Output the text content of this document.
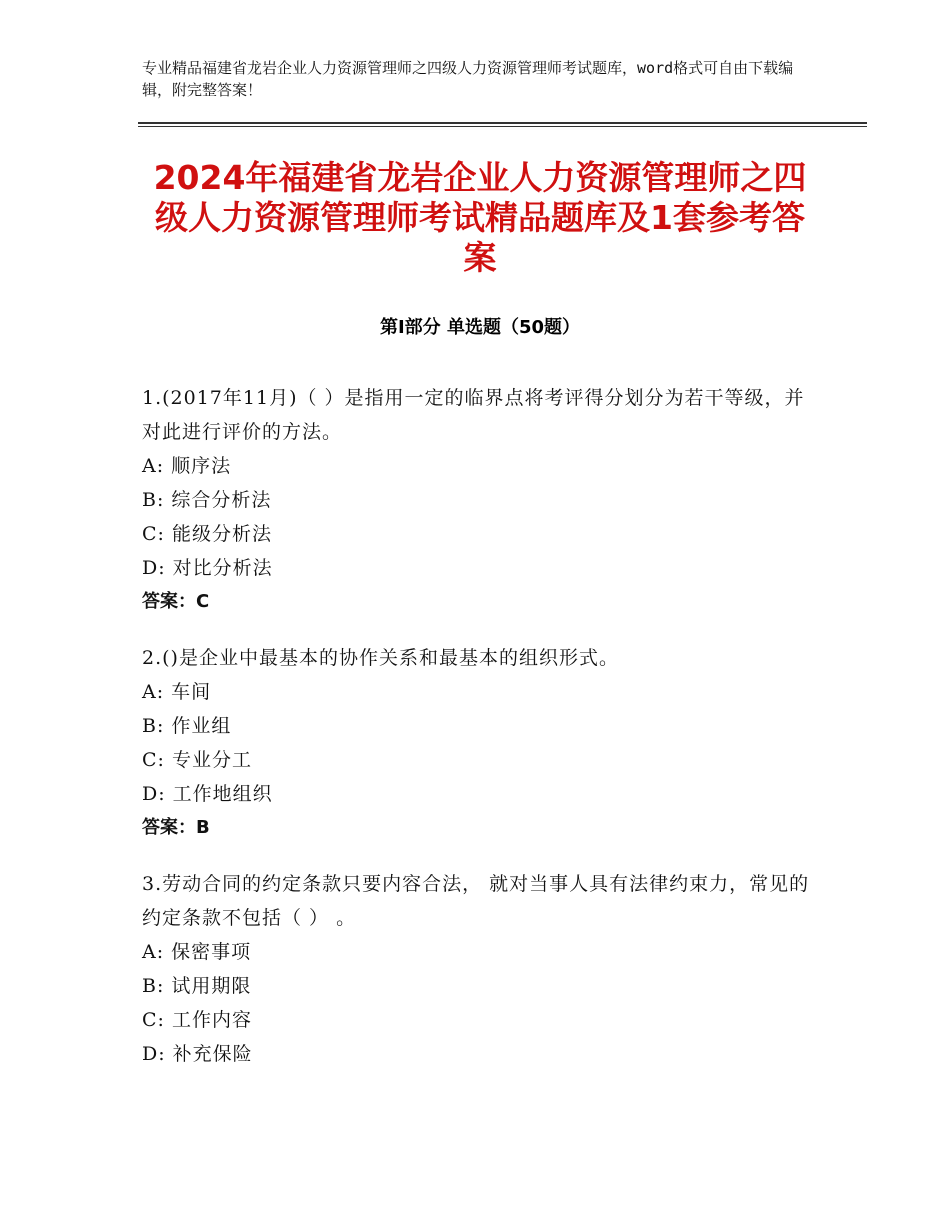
专业精品福建省龙岩企业人力资源管理师之四级人力资源管理师考试题库，word格式可自由下载编辑，附完整答案！
2024年福建省龙岩企业人力资源管理师之四级人力资源管理师考试精品题库及1套参考答案
第Ⅰ部分 单选题（50题）

1.(2017年11月)（ ）是指用一定的临界点将考评得分划分为若干等级，并对此进行评价的方法。

A: 顺序法

B: 综合分析法

C: 能级分析法

D: 对比分析法

答案：C

2.()是企业中最基本的协作关系和最基本的组织形式。

A: 车间

B: 作业组

C: 专业分工

D: 工作地组织

答案：B

3.劳动合同的约定条款只要内容合法， 就对当事人具有法律约束力，常见的约定条款不包括（ ） 。

A: 保密事项

B: 试用期限

C: 工作内容

D: 补充保险
